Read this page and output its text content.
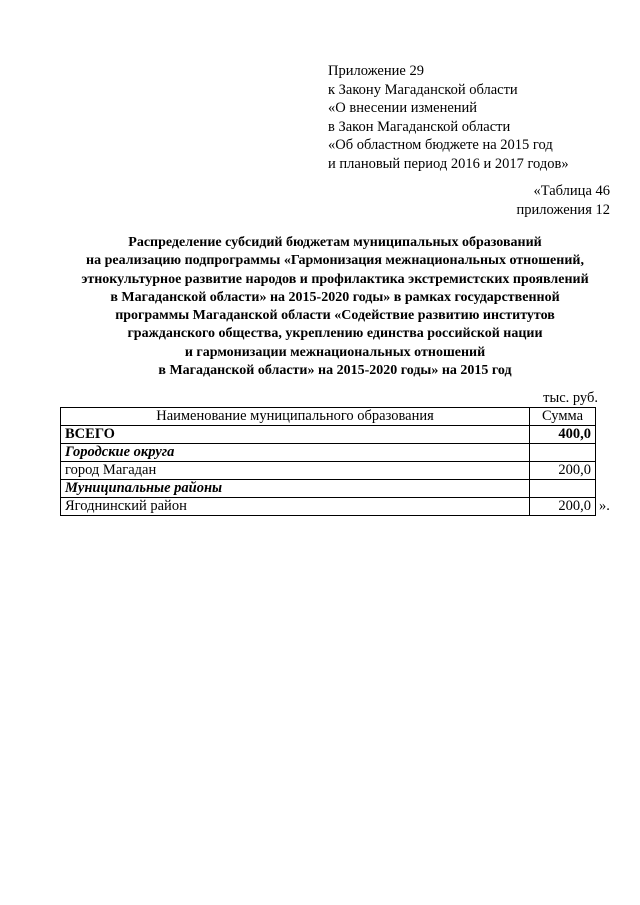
Приложение 29
к Закону Магаданской области
«О внесении изменений
в Закон Магаданской области
«Об областном бюджете на 2015 год
и плановый период 2016 и 2017 годов»
«Таблица 46
приложения 12
Распределение субсидий бюджетам муниципальных образований
на реализацию подпрограммы «Гармонизация межнациональных отношений,
этнокультурное развитие народов и профилактика экстремистских проявлений
в Магаданской области» на 2015-2020 годы» в рамках государственной
программы Магаданской области «Содействие развитию институтов
гражданского общества, укреплению единства российской нации
и гармонизации межнациональных отношений
в Магаданской области» на 2015-2020 годы» на 2015 год
тыс. руб.
Наименование муниципального образования	Сумма
ВСЕГО	400,0
Городские округа	
город Магадан	200,0
Муниципальные районы	
Ягоднинский район	200,0 ».
